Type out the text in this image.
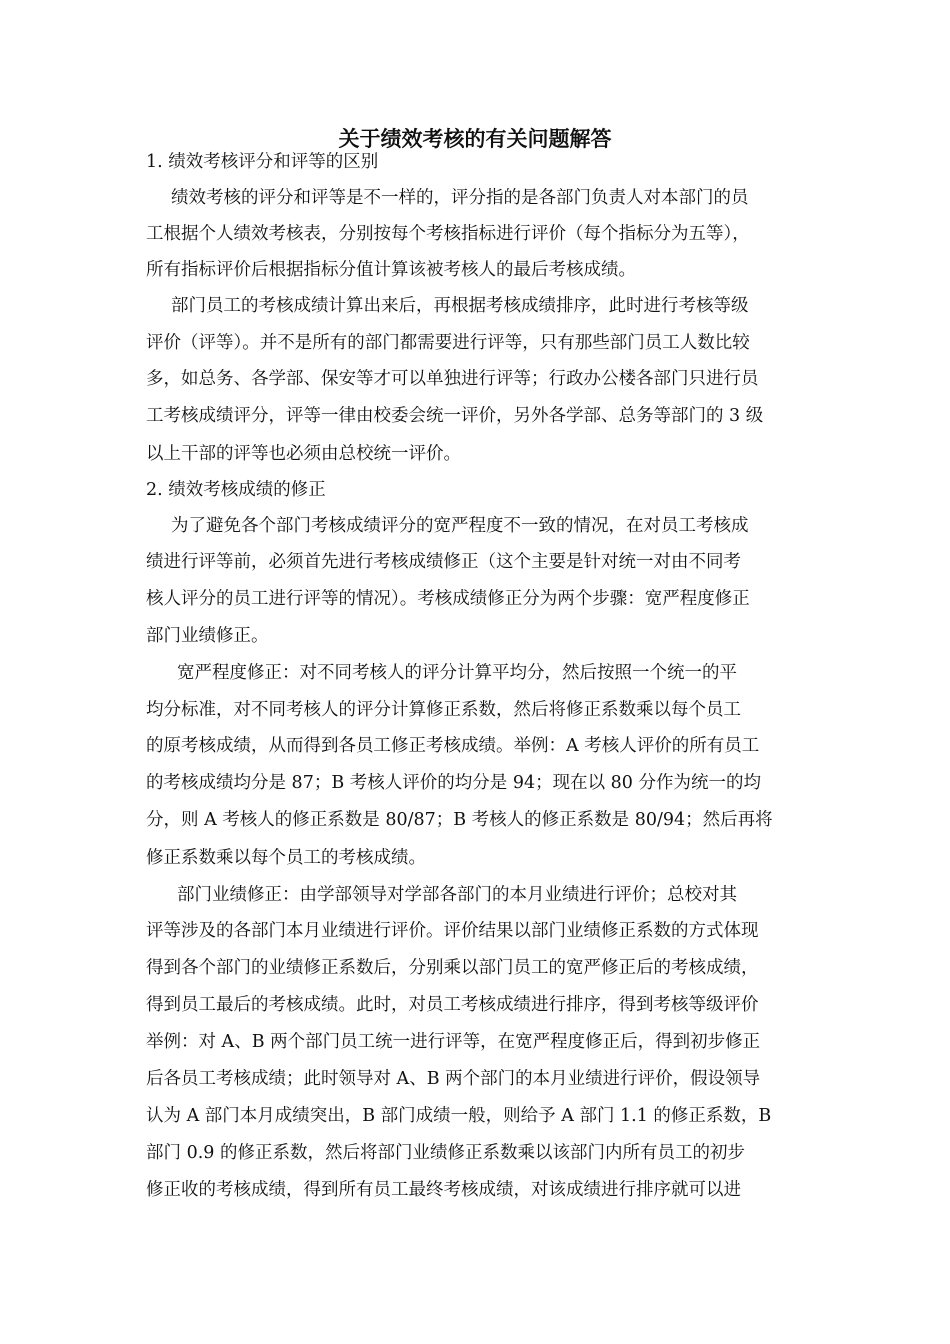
关于绩效考核的有关问题解答

1. 绩效考核评分和评等的区别

绩效考核的评分和评等是不一样的，评分指的是各部门负责人对本部门的员

工根据个人绩效考核表，分别按每个考核指标进行评价（每个指标分为五等），

所有指标评价后根据指标分值计算该被考核人的最后考核成绩。

部门员工的考核成绩计算出来后，再根据考核成绩排序，此时进行考核等级

评价（评等）。并不是所有的部门都需要进行评等，只有那些部门员工人数比较

多，如总务、各学部、保安等才可以单独进行评等；行政办公楼各部门只进行员

工考核成绩评分，评等一律由校委会统一评价，另外各学部、总务等部门的 3 级

以上干部的评等也必须由总校统一评价。

2. 绩效考核成绩的修正

为了避免各个部门考核成绩评分的宽严程度不一致的情况，在对员工考核成

绩进行评等前，必须首先进行考核成绩修正（这个主要是针对统一对由不同考

核人评分的员工进行评等的情况）。考核成绩修正分为两个步骤：宽严程度修正

部门业绩修正。

宽严程度修正：对不同考核人的评分计算平均分，然后按照一个统一的平

均分标准，对不同考核人的评分计算修正系数，然后将修正系数乘以每个员工

的原考核成绩，从而得到各员工修正考核成绩。举例：A 考核人评价的所有员工

的考核成绩均分是 87；B 考核人评价的均分是 94；现在以 80 分作为统一的均

分，则 A 考核人的修正系数是 80/87；B 考核人的修正系数是 80/94；然后再将

修正系数乘以每个员工的考核成绩。

部门业绩修正：由学部领导对学部各部门的本月业绩进行评价；总校对其

评等涉及的各部门本月业绩进行评价。评价结果以部门业绩修正系数的方式体现

得到各个部门的业绩修正系数后，分别乘以部门员工的宽严修正后的考核成绩，

得到员工最后的考核成绩。此时，对员工考核成绩进行排序，得到考核等级评价

举例：对 A、B 两个部门员工统一进行评等，在宽严程度修正后，得到初步修正

后各员工考核成绩；此时领导对 A、B 两个部门的本月业绩进行评价，假设领导

认为 A 部门本月成绩突出，B 部门成绩一般，则给予 A 部门 1.1 的修正系数，B

部门 0.9 的修正系数，然后将部门业绩修正系数乘以该部门内所有员工的初步

修正收的考核成绩，得到所有员工最终考核成绩，对该成绩进行排序就可以进
